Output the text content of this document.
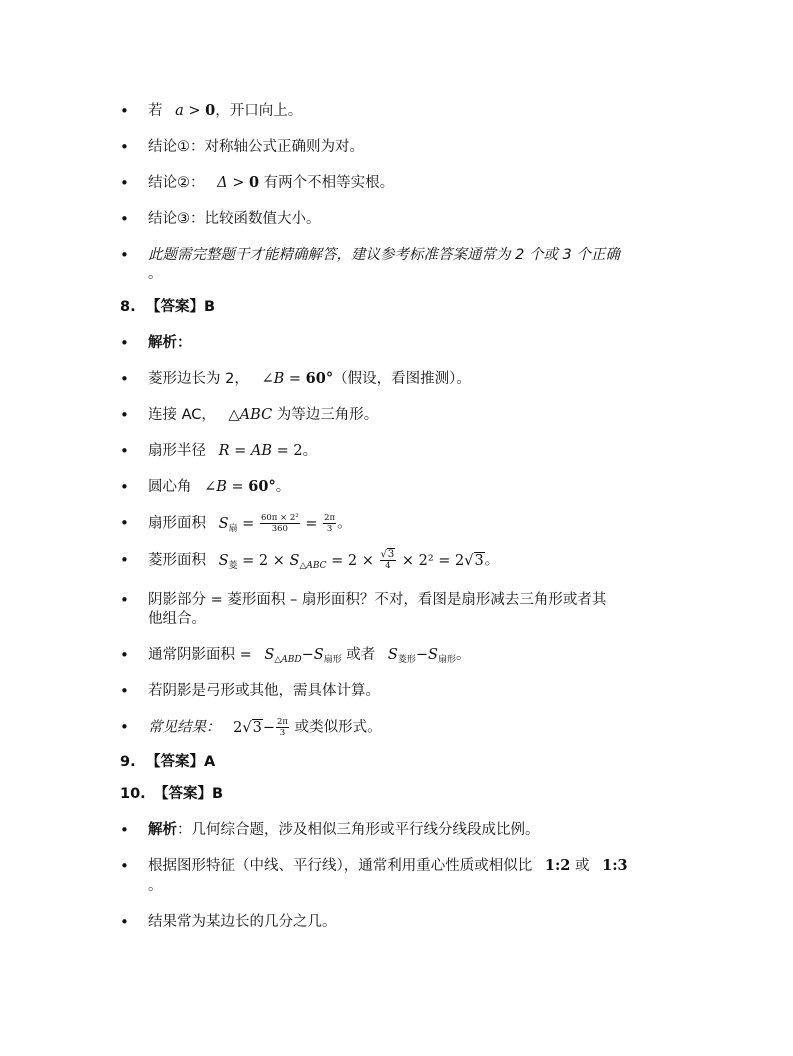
• 若 a > 0，开口向上。
• 结论①：对称轴公式正确则为对。
• 结论②： Δ > 0 有两个不相等实根。
• 结论③：比较函数值大小。
• 此题需完整题干才能精确解答，建议参考标准答案通常为 2 个或 3 个正确
。
8. 【答案】B
• 解析：
• 菱形边长为 2， ∠B = 60°（假设，看图推测）。
• 连接 AC， △ABC 为等边三角形。
• 扇形半径 R = AB = 2。
• 圆心角 ∠B = 60°。
• 扇形面积 $S_扇 = \frac{\text{60π × 2²}}{360} = \frac{2\pi}{3}$ 。
• 菱形面积 $S_菱 = 2 \times S_{\triangle ABC} = 2 \times \frac{√3}{4} \times 2^2 = 2√3$。
• 阴影部分 = 菱形面积 – 扇形面积？不对，看图是扇形减去三角形或者其
他组合。
• 通常阴影面积 = $S_{\triangle ABD}-S_{扇形}$ 或者 $S_{菱形}-S_{扇形}$。
• 若阴影是弓形或其他，需具体计算。
• 常见结果： $2√3- \frac{2\pi}{3}$ 或类似形式。
9. 【答案】A
10. 【答案】B
• 解析：几何综合题，涉及相似三角形或平行线分线段成比例。
• 根据图形特征（中线、平行线），通常利用重心性质或相似比 1:2 或 1:3
。
• 结果常为某边长的几分之几。
